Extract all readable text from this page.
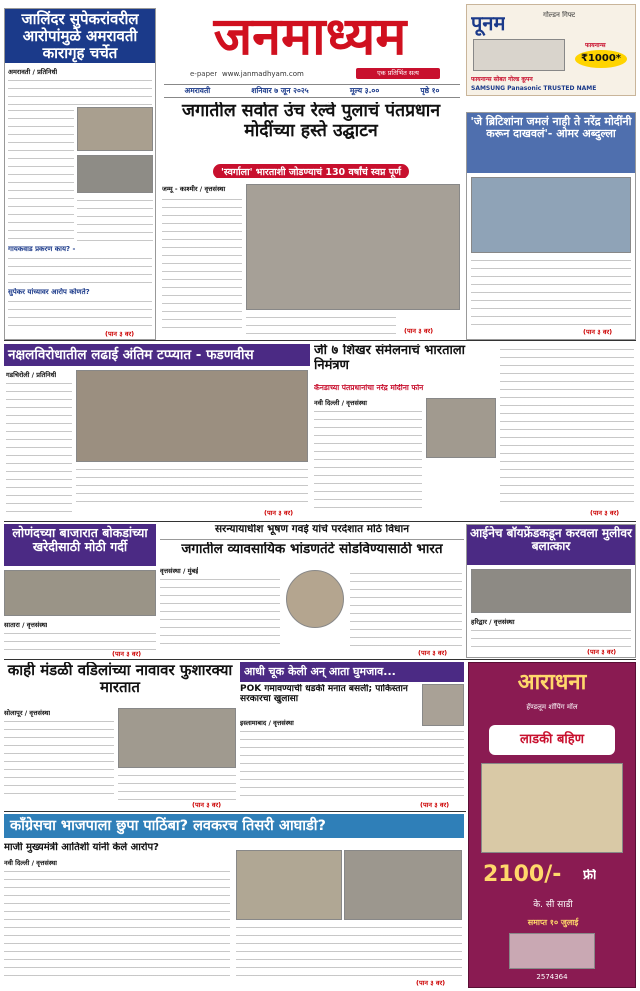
जनमाध्यम
e-paper www.janmadhyam.com	एक प्रतिभिंत सत्य
अमरावती	शनिवार ७ जून २०२५	मूल्य ३.००	पृष्ठे १०
पूनम	गोल्डन गिफ्ट
फायनान्स
₹1000*
फायनान्स सोबत गोल्ड कूपन
SAMSUNG Panasonic TRUSTED NAME
जालिंदर सुपेकरांवरील आरोपांमुळे अमरावती कारागृह चर्चेत
अमरावती / प्रतिनिधी
गायकवाड प्रकरण काय? -
सुपेकर यांच्यावर आरोप कोणते?
(पान ३ वर)
जगातील सर्वात उंच रेल्वे पुलाचं पंतप्रधान मोदींच्या हस्ते उद्घाटन
'स्वर्गाला' भारताशी जोडण्याचं 130 वर्षांचं स्वप्न पूर्ण
जम्मू - काश्मीर / वृत्तसंस्था
(पान ३ वर)
'जे ब्रिटिशांना जमलं नाही ते नरेंद्र मोदींनी करून दाखवलं'- ओमर अब्दुल्ला
(पान ३ वर)
नक्षलविरोधातील लढाई अंतिम टप्प्यात - फडणवीस
गडचिरोली / प्रतिनिधी
(पान ३ वर)
जी ७ शिखर संमेलनाचं भारताला निमंत्रण
कॅनडाच्या पंतप्रधानांचा नरेंद्र मोदींना फोन
नवी दिल्ली / वृत्तसंस्था
(पान ३ वर)
लोणंदच्या बाजारात बोकडांच्या खरेदीसाठी मोठी गर्दी
सातारा / वृत्तसंस्था
(पान ३ वर)
सरन्यायाधीश भूषण गवई यांचे परदेशात मोठे विधान
जगातील व्यावसायिक भांडणतंटे सोडविण्यासाठी भारत
वृत्तसंस्था / मुंबई
(पान ३ वर)
आईनेच बॉयफ्रेंडकडून करवला मुलीवर बलात्कार
हरिद्वार / वृत्तसंस्था
(पान ३ वर)
काही मंडळी वडिलांच्या नावावर फुशारक्या मारतात
सोलापूर / वृत्तसंस्था
(पान ३ वर)
आधी चूक केली अन् आता घुमजाव...
POK गमावण्याची धडकी मनात बसली; पाकिस्तान सरकारचा खुलासा
इस्लामाबाद / वृत्तसंस्था
(पान ३ वर)
काँग्रेसचा भाजपाला छुपा पाठिंबा? लवकरच तिसरी आघाडी?
माजी मुख्यमंत्री आतिशी यांनी केले आरोप?
नवी दिल्ली / वृत्तसंस्था
(पान ३ वर)
आराधना
हॅण्डलूम शॉपिंग मॉल
लाडकी बहिण
2100/-	फ्री
के. सी साडी
समाप्त १० जुलाई
2574364
